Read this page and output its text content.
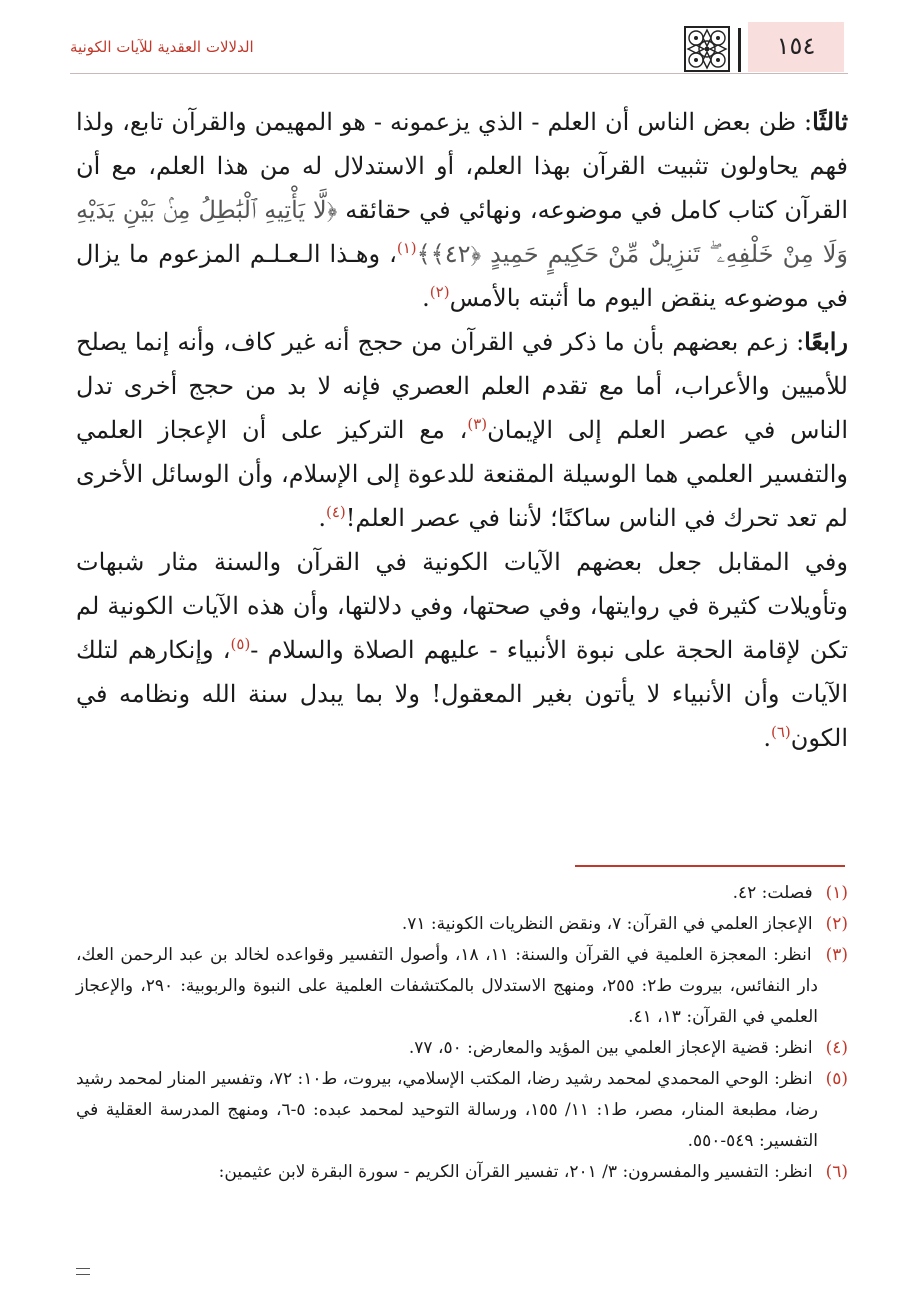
الدلالات العقدية للآيات الكونية	١٥٤

ثالثًا: ظن بعض الناس أن العلم - الذي يزعمونه - هو المهيمن والقرآن تابع، ولذا فهم يحاولون تثبيت القرآن بهذا العلم، أو الاستدلال له من هذا العلم، مع أن القرآن كتاب كامل في موضوعه، ونهائي في حقائقه ﴿لَّا يَأْتِيهِ ٱلْبَٰطِلُ مِنۢ بَيْنِ يَدَيْهِ وَلَا مِنْ خَلْفِهِۦ ۖ تَنزِيلٌ مِّنْ حَكِيمٍ حَمِيدٍ ﴿٤٢﴾﴾$^{(١)}$، وهـذا الـعـلـم المزعوم ما يزال في موضوعه ينقض اليوم ما أثبته بالأمس$^{(٢)}$.

رابعًا: زعم بعضهم بأن ما ذكر في القرآن من حجج أنه غير كاف، وأنه إنما يصلح للأميين والأعراب، أما مع تقدم العلم العصري فإنه لا بد من حجج أخرى تدل الناس في عصر العلم إلى الإيمان$^{(٣)}$، مع التركيز على أن الإعجاز العلمي والتفسير العلمي هما الوسيلة المقنعة للدعوة إلى الإسلام، وأن الوسائل الأخرى لم تعد تحرك في الناس ساكنًا؛ لأننا في عصر العلم!$^{(٤)}$.

وفي المقابل جعل بعضهم الآيات الكونية في القرآن والسنة مثار شبهات وتأويلات كثيرة في روايتها، وفي صحتها، وفي دلالتها، وأن هذه الآيات الكونية لم تكن لإقامة الحجة على نبوة الأنبياء - عليهم الصلاة والسلام -$^{(٥)}$، وإنكارهم لتلك الآيات وأن الأنبياء لا يأتون بغير المعقول! ولا بما يبدل سنة الله ونظامه في الكون$^{(٦)}$.

(١) فصلت: ٤٢.

(٢) الإعجاز العلمي في القرآن: ٧، ونقض النظريات الكونية: ٧١.

(٣) انظر: المعجزة العلمية في القرآن والسنة: ١١، ١٨، وأصول التفسير وقواعده لخالد بن عبد الرحمن العك، دار النفائس، بيروت ط٢: ٢٥٥، ومنهج الاستدلال بالمكتشفات العلمية على النبوة والربوبية: ٢٩٠، والإعجاز العلمي في القرآن: ١٣، ٤١.

(٤) انظر: قضية الإعجاز العلمي بين المؤيد والمعارض: ٥٠، ٧٧.

(٥) انظر: الوحي المحمدي لمحمد رشيد رضا، المكتب الإسلامي، بيروت، ط١٠: ٧٢، وتفسير المنار لمحمد رشيد رضا، مطبعة المنار، مصر، ط١: ١١/ ١٥٥، ورسالة التوحيد لمحمد عبده: ٥-٦، ومنهج المدرسة العقلية في التفسير: ٥٤٩-٥٥٠.

(٦) انظر: التفسير والمفسرون: ٣/ ٢٠١، تفسير القرآن الكريم - سورة البقرة لابن عثيمين:
